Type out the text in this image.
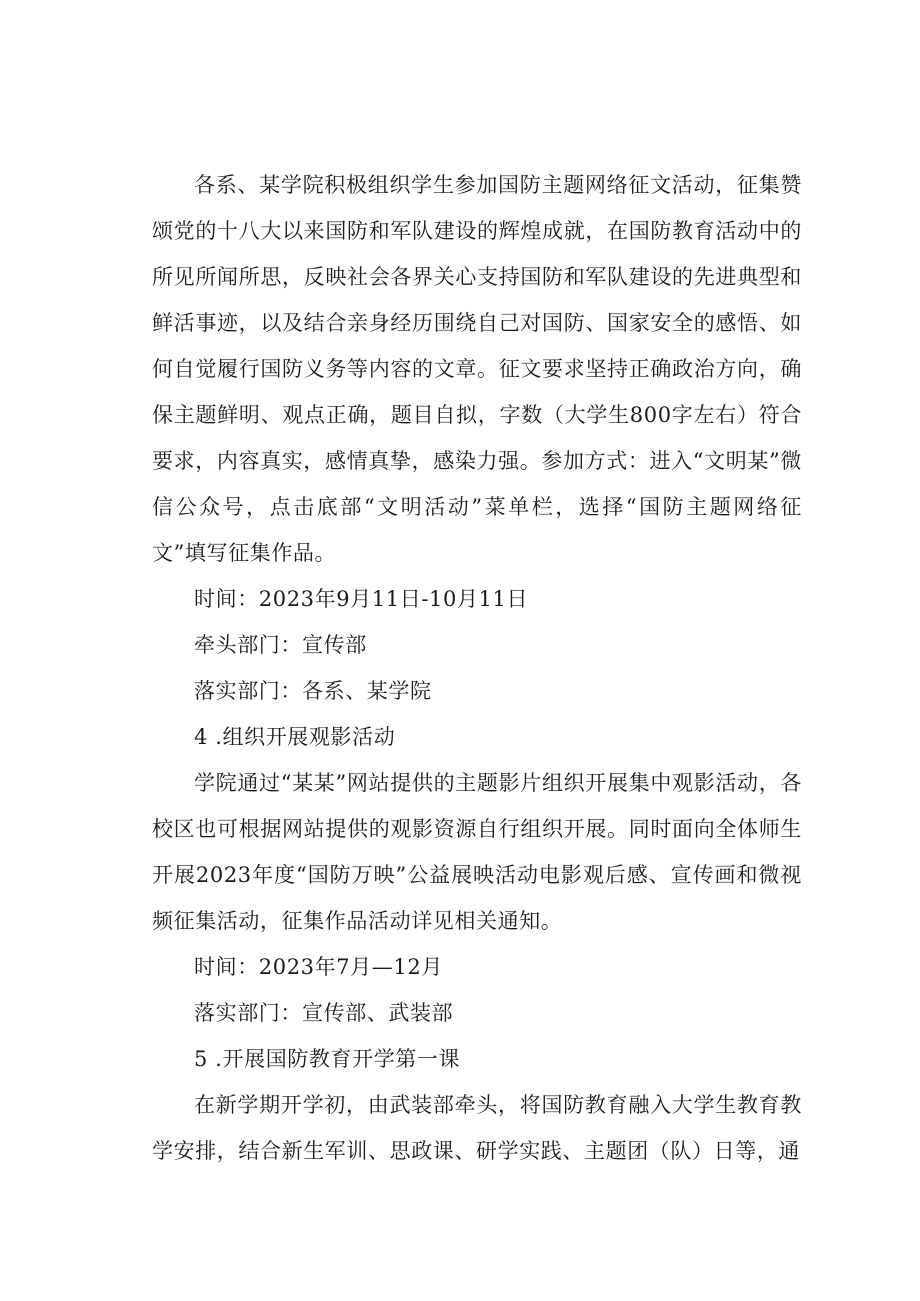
各系、某学院积极组织学生参加国防主题网络征文活动，征集赞颂党的十八大以来国防和军队建设的辉煌成就，在国防教育活动中的所见所闻所思，反映社会各界关心支持国防和军队建设的先进典型和鲜活事迹，以及结合亲身经历围绕自己对国防、国家安全的感悟、如何自觉履行国防义务等内容的文章。征文要求坚持正确政治方向，确保主题鲜明、观点正确，题目自拟，字数（大学生800字左右）符合要求，内容真实，感情真挚，感染力强。参加方式：进入“文明某”微信公众号，点击底部“文明活动”菜单栏，选择“国防主题网络征文”填写征集作品。

时间：2023年9月11日-10月11日

牵头部门：宣传部

落实部门：各系、某学院

4 .组织开展观影活动

学院通过“某某”网站提供的主题影片组织开展集中观影活动，各校区也可根据网站提供的观影资源自行组织开展。同时面向全体师生开展2023年度“国防万映”公益展映活动电影观后感、宣传画和微视频征集活动，征集作品活动详见相关通知。

时间：2023年7月—12月

落实部门：宣传部、武装部

5 .开展国防教育开学第一课

在新学期开学初，由武装部牵头，将国防教育融入大学生教育教学安排，结合新生军训、思政课、研学实践、主题团（队）日等，通
